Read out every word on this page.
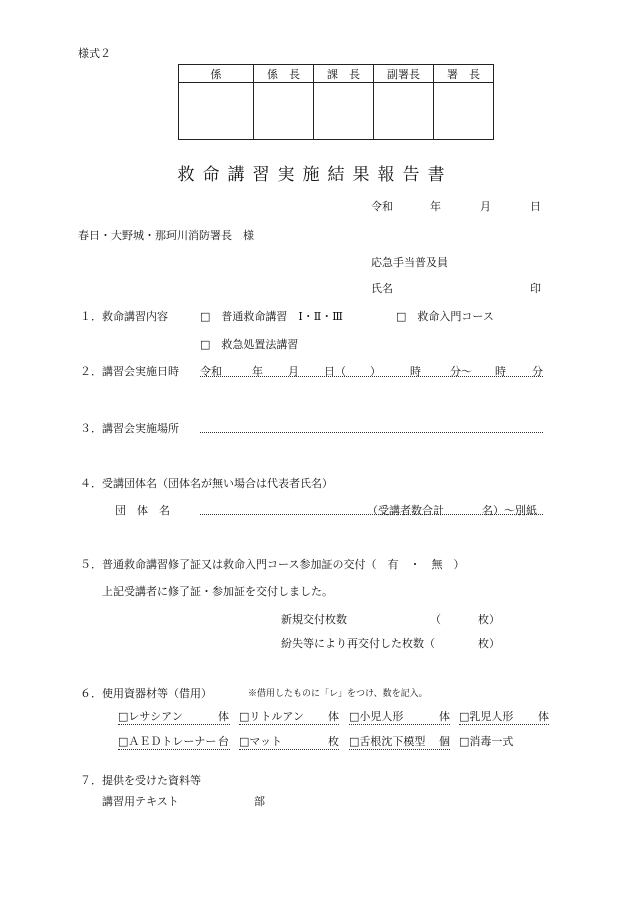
様式２
係	係　長	課　長	副署長	署　長

救命講習実施結果報告書
令和	年	月	日
春日・大野城・那珂川消防署長　様
応急手当普及員
氏名	印
１．救命講習内容	□　普通救命講習　Ⅰ・Ⅱ・Ⅲ	□　救命入門コース
□　救急処置法講習
２．講習会実施日時 令和	年 月 日（ ）	時	分～ 時 分
３．講習会実施場所
４．受講団体名（団体名が無い場合は代表者氏名）
団　体　名	（受講者数合計	名）～別紙
５．普通救命講習修了証又は救命入門コース参加証の交付（　有　・　無　）
上記受講者に修了証・参加証を交付しました。
新規交付枚数	（	枚）
紛失等により再交付した枚数（	枚）
６．使用資器材等（借用）	※借用したものに「レ」をつけ、数を記入。
□レサシアン	体 □リトルアン 体 □小児人形	体 □乳児人形 体
□ＡＥＤトレーナー 台 □マット	枚 □舌根沈下模型 個 □消毒一式
７．提供を受けた資料等
講習用テキスト	部
